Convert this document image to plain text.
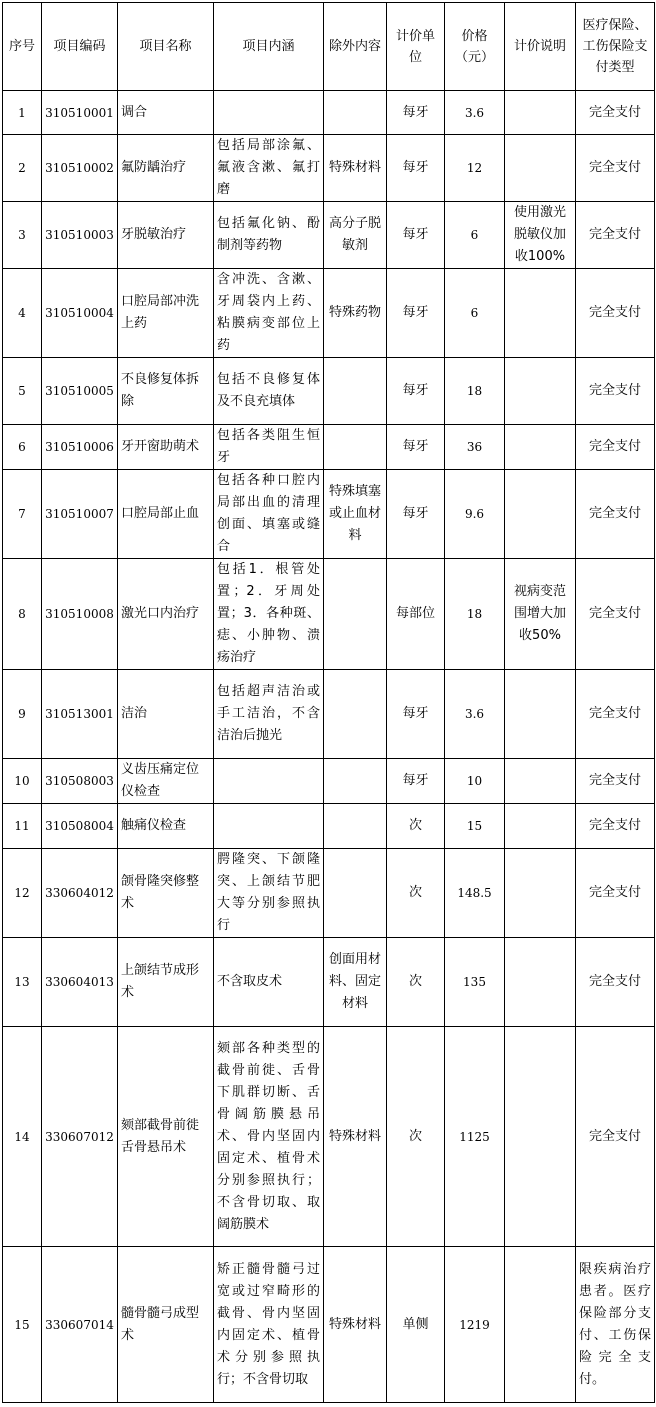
序号	项目编码	项目名称	项目内涵	除外内容	计价单位	价格（元）	计价说明	医疗保险、工伤保险支付类型
1	310510001	调合			每牙	3.6		完全支付
2	310510002	氟防龋治疗	包括局部涂氟、氟液含漱、氟打磨	特殊材料	每牙	12		完全支付
3	310510003	牙脱敏治疗	包括氟化钠、酚制剂等药物	高分子脱敏剂	每牙	6	使用激光脱敏仪加收100%	完全支付
4	310510004	口腔局部冲洗上药	含冲洗、含漱、牙周袋内上药、粘膜病变部位上药	特殊药物	每牙	6		完全支付
5	310510005	不良修复体拆除	包括不良修复体及不良充填体		每牙	18		完全支付
6	310510006	牙开窗助萌术	包括各类阻生恒牙		每牙	36		完全支付
7	310510007	口腔局部止血	包括各种口腔内局部出血的清理创面、填塞或缝合	特殊填塞或止血材料	每牙	9.6		完全支付
8	310510008	激光口内治疗	包括1．根管处置；2．牙周处置；3．各种斑、痣、小肿物、溃疡治疗		每部位	18	视病变范围增大加收50%	完全支付
9	310513001	洁治	包括超声洁治或手工洁治，不含洁治后抛光		每牙	3.6		完全支付
10	310508003	义齿压痛定位仪检查			每牙	10		完全支付
11	310508004	触痛仪检查			次	15		完全支付
12	330604012	颌骨隆突修整术	腭隆突、下颌隆突、上颌结节肥大等分别参照执行		次	148.5		完全支付
13	330604013	上颌结节成形术	不含取皮术	创面用材料、固定材料	次	135		完全支付
14	330607012	颏部截骨前徙舌骨悬吊术	颏部各种类型的截骨前徙、舌骨下肌群切断、舌骨阔筋膜悬吊术、骨内坚固内固定术、植骨术分别参照执行；不含骨切取、取阔筋膜术	特殊材料	次	1125		完全支付
15	330607014	髓骨髓弓成型术	矫正髓骨髓弓过宽或过窄畸形的截骨、骨内坚固内固定术、植骨术分别参照执行；不含骨切取	特殊材料	单侧	1219		限疾病治疗患者。医疗保险部分支付、工伤保险完全支付。
